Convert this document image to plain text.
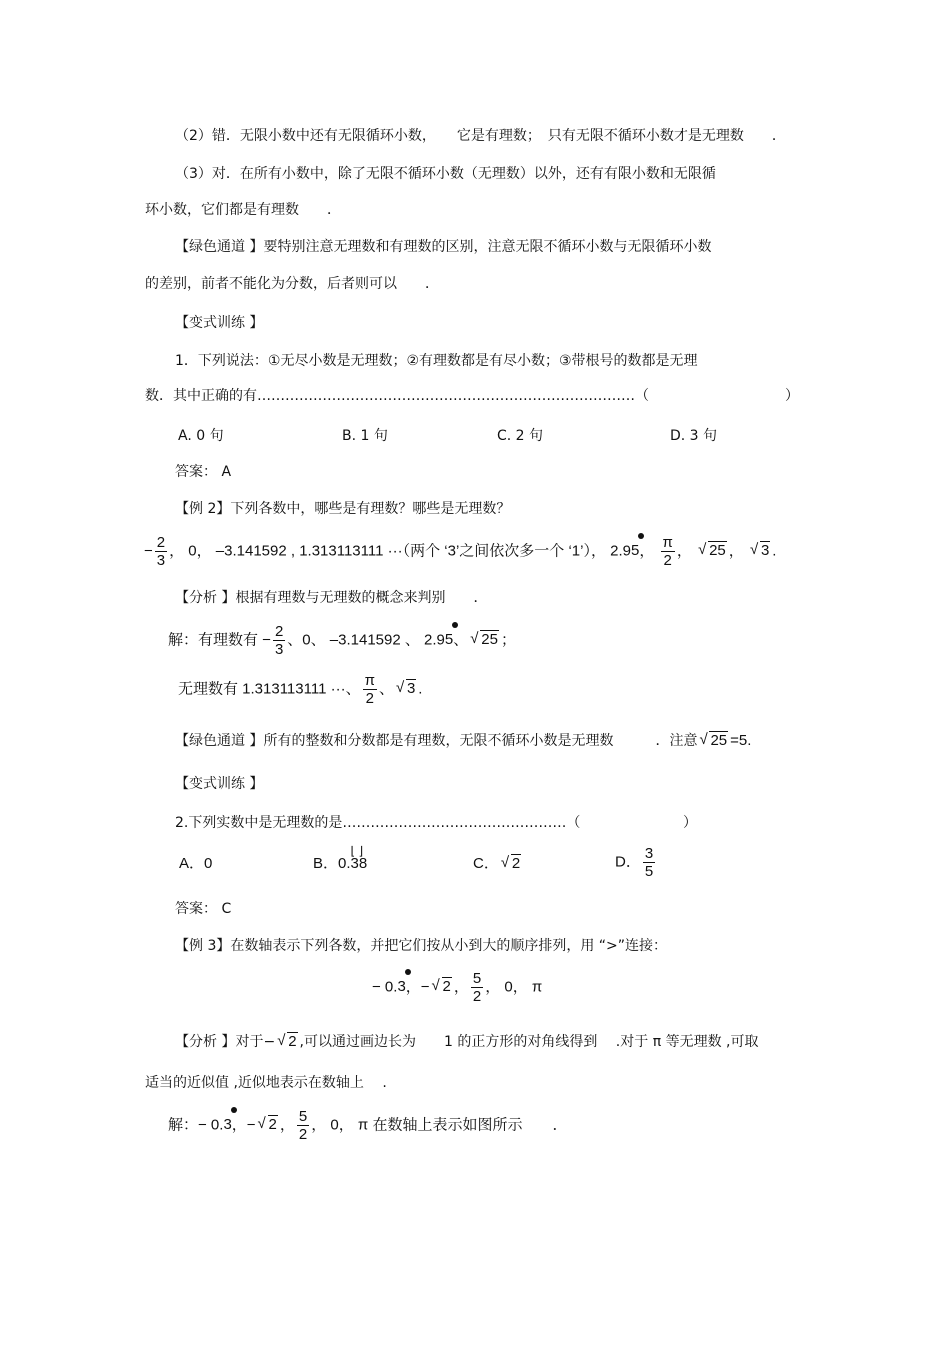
（2）错．无限小数中还有无限循环小数，　　它是有理数；　只有无限不循环小数才是无理数　　．
（3）对．在所有小数中，除了无限不循环小数（无理数）以外，还有有限小数和无限循
环小数，它们都是有理数　　．
【绿色通道 】要特别注意无理数和有理数的区别，注意无限不循环小数与无限循环小数
的差别，前者不能化为分数，后者则可以　　．
【变式训练 】
1．下列说法：①无尽小数是无理数；②有理数都是有尽小数；③带根号的数都是无理
数．其中正确的有………………………………………………………………………（	）
A. 0 句	B. 1 句	C. 2 句	D. 3 句
答案： A
【例 2】下列各数中，哪些是有理数？哪些是无理数？
− $\frac{2}{3}$ ， 0， –3.141592 , 1.313113111 ···（两个 ‘3’之间依次多一个 ‘1’）， 2.95
， $\frac{\pi}{2}$ ， √ 25 ， √ 3 .
【分析 】根据有理数与无理数的概念来判别　　．
解：有理数有 − $\frac{2}{3}$ 、0、 –3.141592 、 2.95
、 √ 25 ；
无理数有 1.313113111 ···、 $\frac{\pi}{2}$ 、 √ 3 .
【绿色通道 】所有的整数和分数都是有理数，无限不循环小数是无理数　　　．注意 √ 25 =5.
【变式训练 】
2.下列实数中是无理数的是…………………………………………（	）
A．0	B．0.
⌊ ⌋
38	C． √ 2	D． $\frac{3}{5}$
答案： C
【例 3】在数轴表示下列各数，并把它们按从小到大的顺序排列，用 “>”连接：
− 0.3
，− √ 2 ， $\frac{5}{2}$ ， 0， π
【分析 】对于− √ 2 ,可以通过画边长为　　1 的正方形的对角线得到　 .对于 π 等无理数 ,可取
适当的近似值 ,近似地表示在数轴上　 .
解：− 0.3
，− √ 2 ， $\frac{5}{2}$ ， 0， π 在数轴上表示如图所示　　．
